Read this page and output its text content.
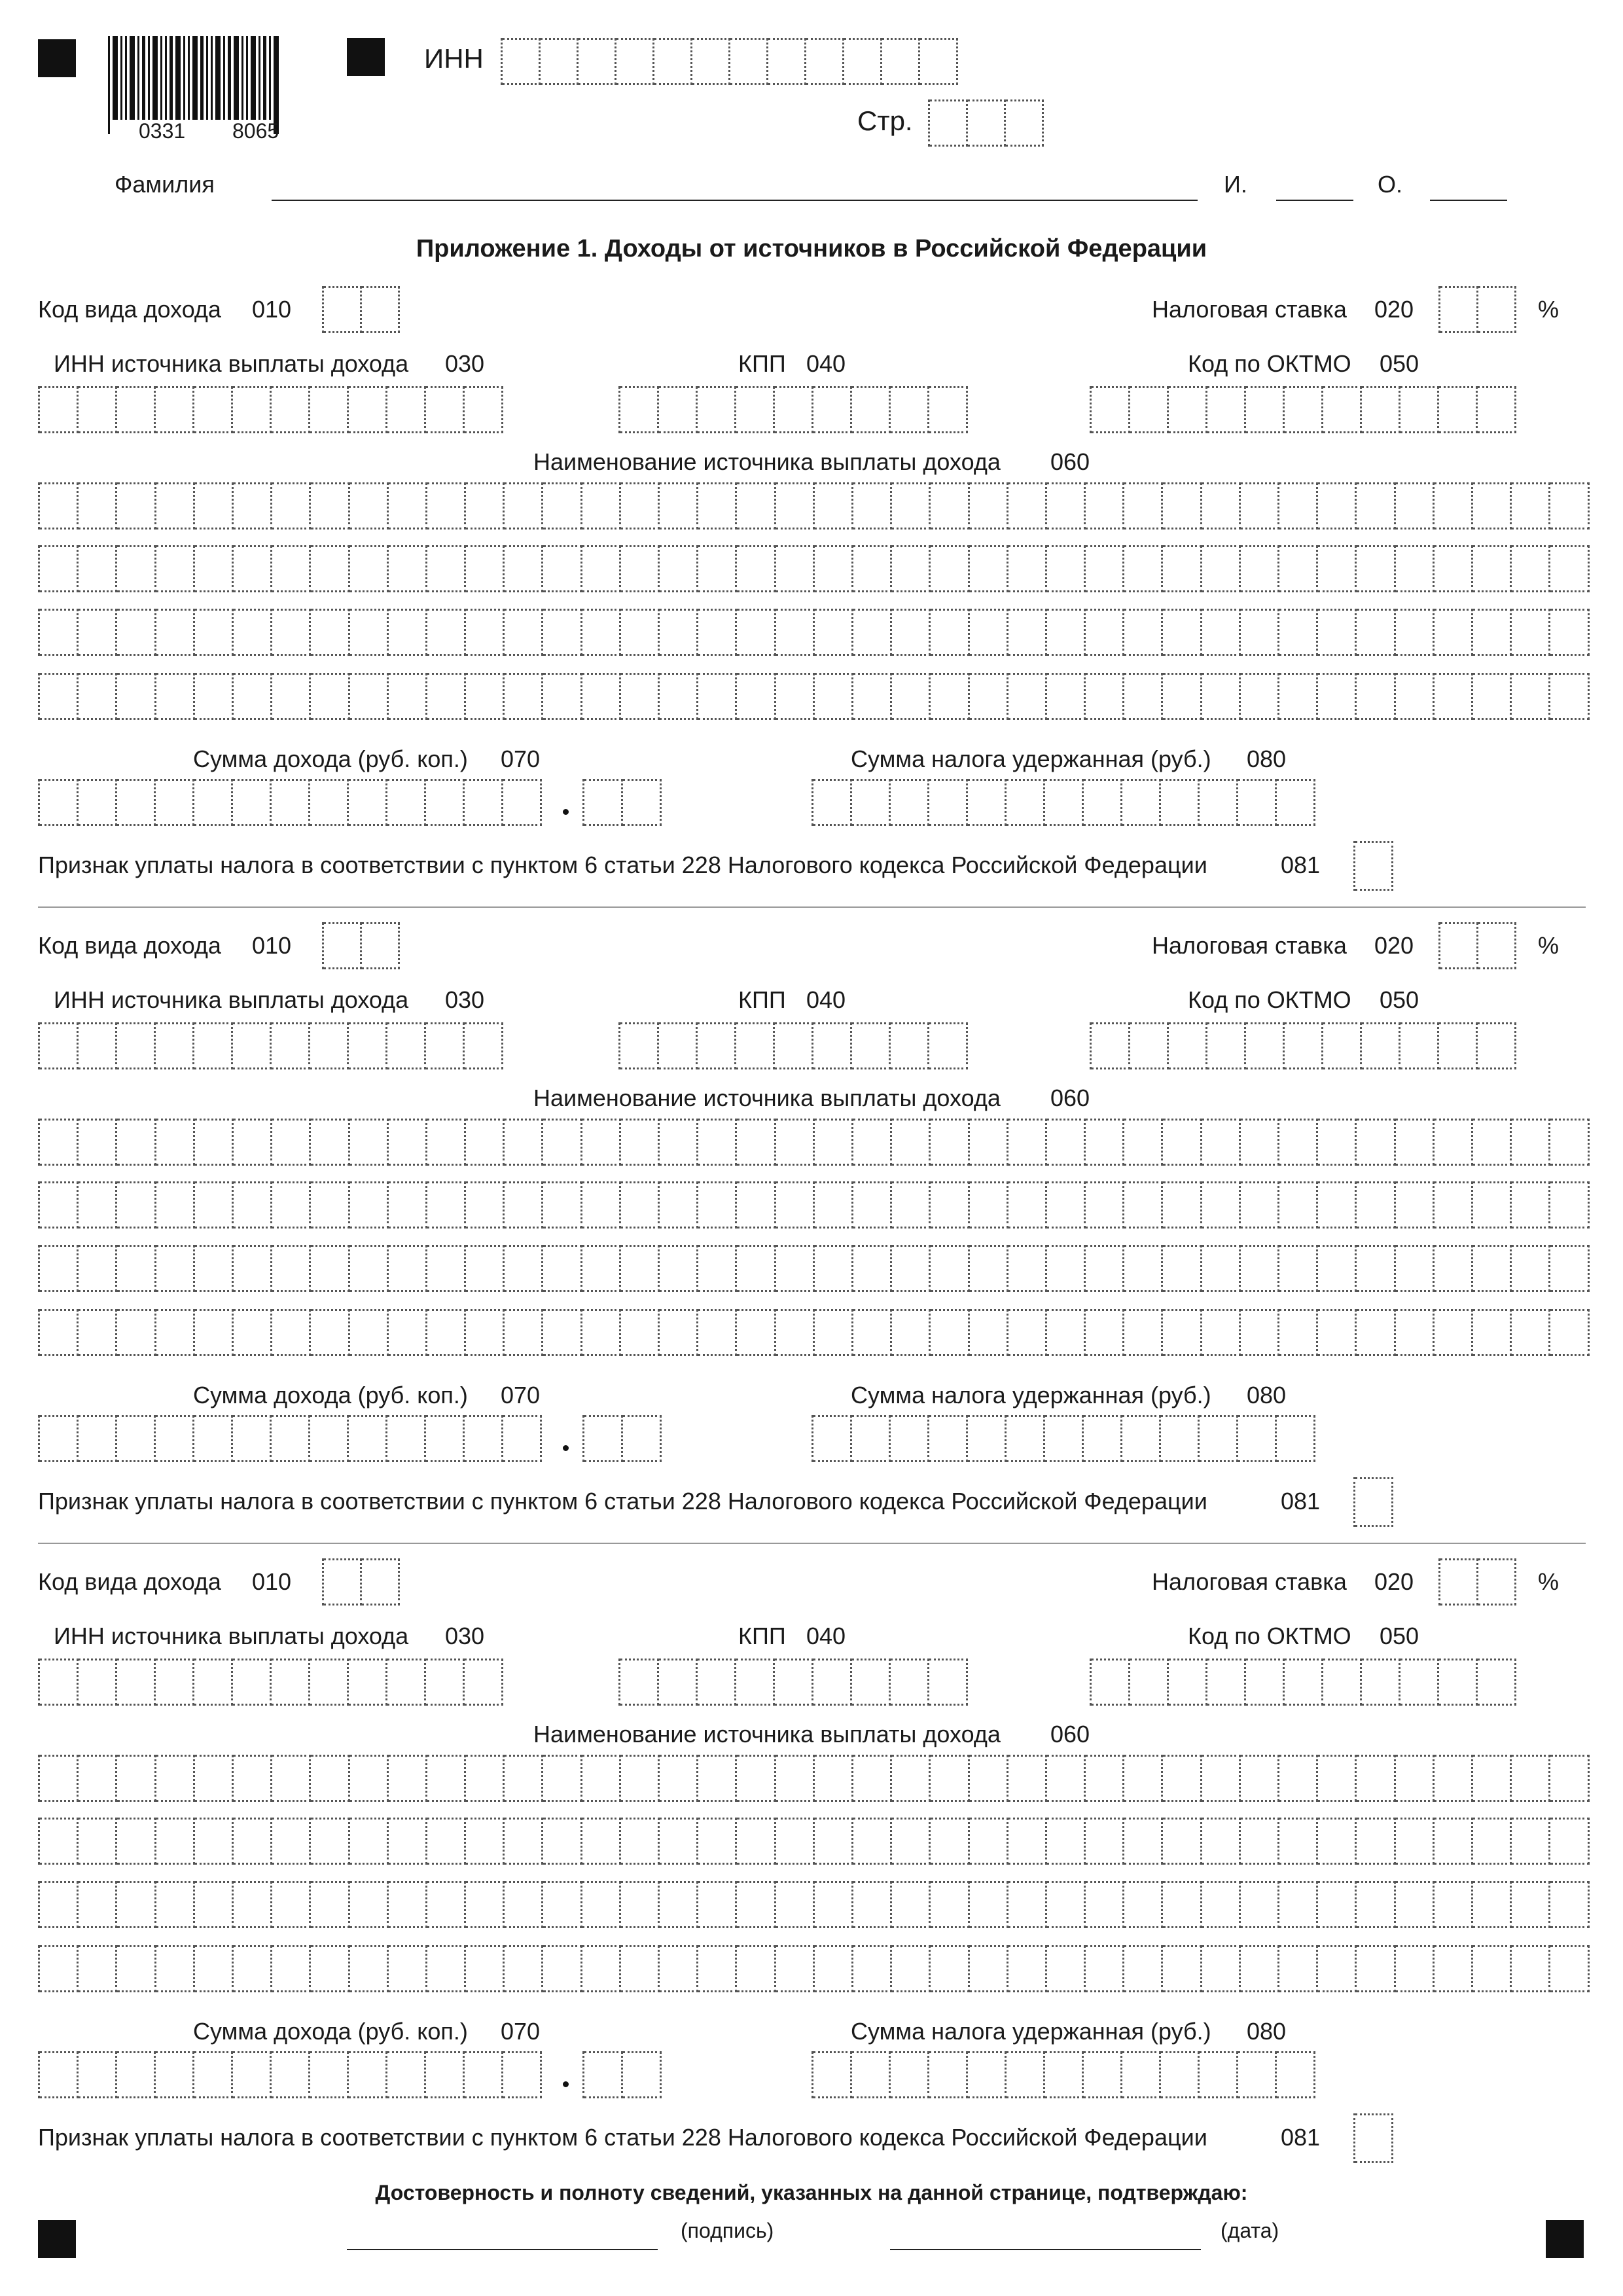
0331 8065
ИНН
Стр.
Фамилия	И.	О.
Приложение 1. Доходы от источников в Российской Федерации
Код вида дохода 010	Налоговая ставка 020	%
ИНН источника выплаты дохода 030	КПП 040	Код по ОКТМО 050
Наименование источника выплаты дохода 060
Сумма дохода (руб. коп.) 070	Сумма налога удержанная (руб.) 080
Признак уплаты налога в соответствии с пунктом 6 статьи 228 Налогового кодекса Российской Федерации	081
Код вида дохода 010	Налоговая ставка 020	%
ИНН источника выплаты дохода 030	КПП 040	Код по ОКТМО 050
Наименование источника выплаты дохода 060
Сумма дохода (руб. коп.) 070	Сумма налога удержанная (руб.) 080
Признак уплаты налога в соответствии с пунктом 6 статьи 228 Налогового кодекса Российской Федерации	081
Код вида дохода 010	Налоговая ставка 020	%
ИНН источника выплаты дохода 030	КПП 040	Код по ОКТМО 050
Наименование источника выплаты дохода 060
Сумма дохода (руб. коп.) 070	Сумма налога удержанная (руб.) 080
Признак уплаты налога в соответствии с пунктом 6 статьи 228 Налогового кодекса Российской Федерации	081
Достоверность и полноту сведений, указанных на данной странице, подтверждаю:
(подпись)	(дата)
